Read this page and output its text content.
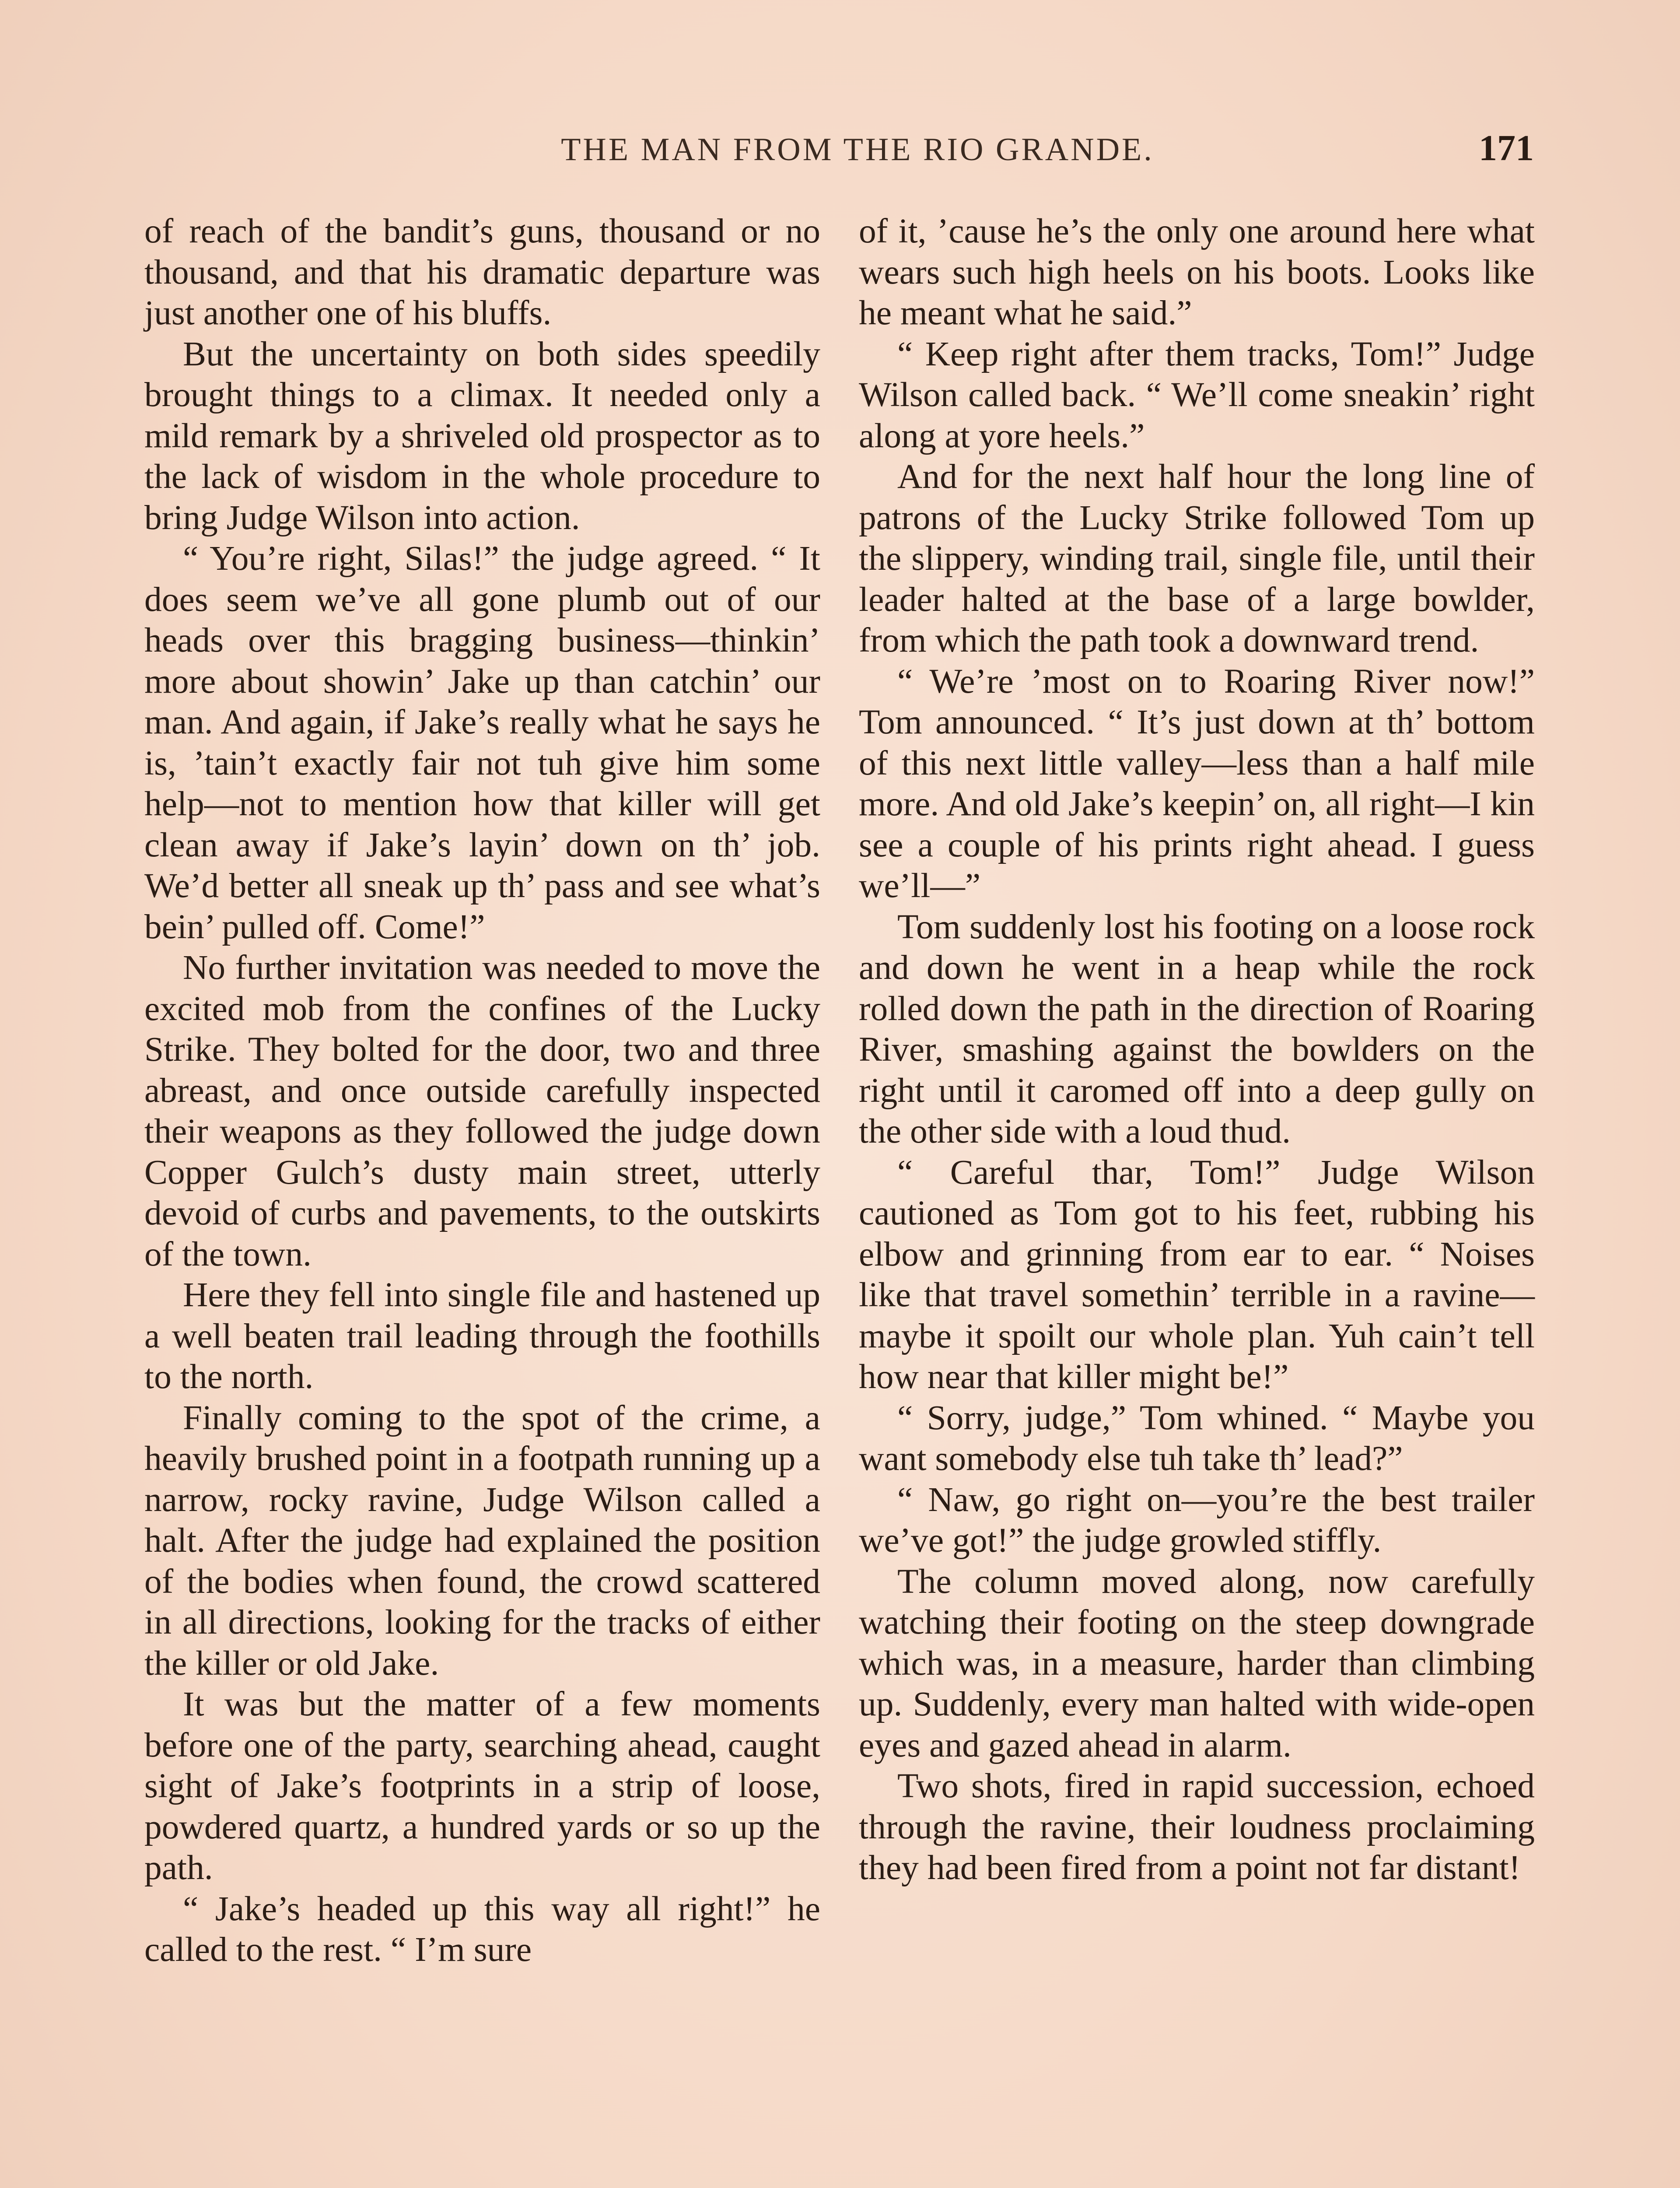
THE MAN FROM THE RIO GRANDE.	171

of reach of the bandit’s guns, thousand or no thousand, and that his dramatic departure was just another one of his bluffs.

But the uncertainty on both sides speedily brought things to a climax. It needed only a mild remark by a shriveled old prospector as to the lack of wisdom in the whole procedure to bring Judge Wilson into action.

“ You’re right, Silas!” the judge agreed. “ It does seem we’ve all gone plumb out of our heads over this bragging business—thinkin’ more about showin’ Jake up than catchin’ our man. And again, if Jake’s really what he says he is, ’tain’t exactly fair not tuh give him some help—not to mention how that killer will get clean away if Jake’s layin’ down on th’ job. We’d better all sneak up th’ pass and see what’s bein’ pulled off. Come!”

No further invitation was needed to move the excited mob from the confines of the Lucky Strike. They bolted for the door, two and three abreast, and once outside carefully inspected their weapons as they followed the judge down Copper Gulch’s dusty main street, utterly devoid of curbs and pavements, to the outskirts of the town.

Here they fell into single file and hastened up a well beaten trail leading through the foothills to the north.

Finally coming to the spot of the crime, a heavily brushed point in a footpath running up a narrow, rocky ravine, Judge Wilson called a halt. After the judge had explained the position of the bodies when found, the crowd scattered in all directions, looking for the tracks of either the killer or old Jake.

It was but the matter of a few moments before one of the party, searching ahead, caught sight of Jake’s footprints in a strip of loose, powdered quartz, a hundred yards or so up the path.

“ Jake’s headed up this way all right!” he called to the rest. “ I’m sure

of it, ’cause he’s the only one around here what wears such high heels on his boots. Looks like he meant what he said.”

“ Keep right after them tracks, Tom!” Judge Wilson called back. “ We’ll come sneakin’ right along at yore heels.”

And for the next half hour the long line of patrons of the Lucky Strike followed Tom up the slippery, winding trail, single file, until their leader halted at the base of a large bowlder, from which the path took a downward trend.

“ We’re ’most on to Roaring River now!” Tom announced. “ It’s just down at th’ bottom of this next little valley—less than a half mile more. And old Jake’s keepin’ on, all right—I kin see a couple of his prints right ahead. I guess we’ll—”

Tom suddenly lost his footing on a loose rock and down he went in a heap while the rock rolled down the path in the direction of Roaring River, smashing against the bowlders on the right until it caromed off into a deep gully on the other side with a loud thud.

“ Careful thar, Tom!” Judge Wilson cautioned as Tom got to his feet, rubbing his elbow and grinning from ear to ear. “ Noises like that travel somethin’ terrible in a ravine—maybe it spoilt our whole plan. Yuh cain’t tell how near that killer might be!”

“ Sorry, judge,” Tom whined. “ Maybe you want somebody else tuh take th’ lead?”

“ Naw, go right on—you’re the best trailer we’ve got!” the judge growled stiffly.

The column moved along, now carefully watching their footing on the steep downgrade which was, in a measure, harder than climbing up. Suddenly, every man halted with wide-open eyes and gazed ahead in alarm.

Two shots, fired in rapid succession, echoed through the ravine, their loudness proclaiming they had been fired from a point not far distant!
